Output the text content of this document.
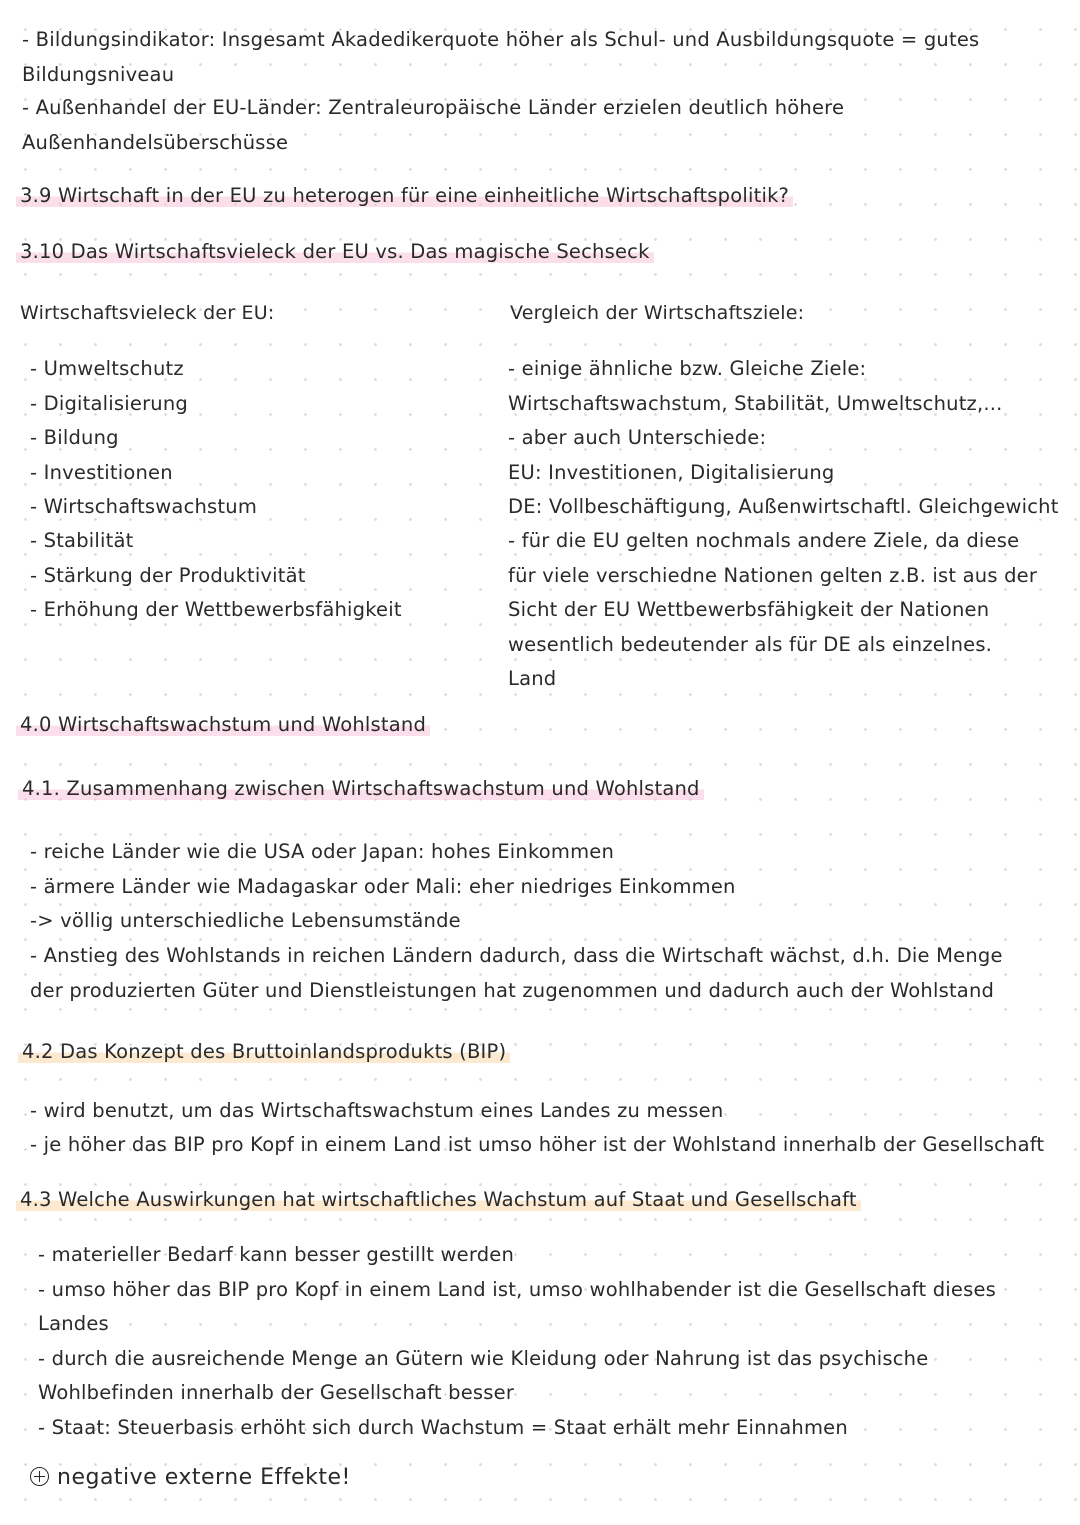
- Bildungsindikator: Insgesamt Akadedikerquote höher als Schul- und Ausbildungsquote = gutes
Bildungsniveau
- Außenhandel der EU-Länder: Zentraleuropäische Länder erzielen deutlich höhere
Außenhandelsüberschüsse
3.9 Wirtschaft in der EU zu heterogen für eine einheitliche Wirtschaftspolitik?
3.10 Das Wirtschaftsvieleck der EU vs. Das magische Sechseck
Wirtschaftsvieleck der EU:
- Umweltschutz
- Digitalisierung
- Bildung
- Investitionen
- Wirtschaftswachstum
- Stabilität
- Stärkung der Produktivität
- Erhöhung der Wettbewerbsfähigkeit
Vergleich der Wirtschaftsziele:
- einige ähnliche bzw. Gleiche Ziele:
Wirtschaftswachstum, Stabilität, Umweltschutz,...
- aber auch Unterschiede:
EU: Investitionen, Digitalisierung
DE: Vollbeschäftigung, Außenwirtschaftl. Gleichgewicht
- für die EU gelten nochmals andere Ziele, da diese
für viele verschiedne Nationen gelten z.B. ist aus der
Sicht der EU Wettbewerbsfähigkeit der Nationen
wesentlich bedeutender als für DE als einzelnes.
Land
4.0 Wirtschaftswachstum und Wohlstand
4.1. Zusammenhang zwischen Wirtschaftswachstum und Wohlstand
- reiche Länder wie die USA oder Japan: hohes Einkommen
- ärmere Länder wie Madagaskar oder Mali: eher niedriges Einkommen
-> völlig unterschiedliche Lebensumstände
- Anstieg des Wohlstands in reichen Ländern dadurch, dass die Wirtschaft wächst, d.h. Die Menge
der produzierten Güter und Dienstleistungen hat zugenommen und dadurch auch der Wohlstand
4.2 Das Konzept des Bruttoinlandsprodukts (BIP)
- wird benutzt, um das Wirtschaftswachstum eines Landes zu messen
- je höher das BIP pro Kopf in einem Land ist umso höher ist der Wohlstand innerhalb der Gesellschaft
4.3 Welche Auswirkungen hat wirtschaftliches Wachstum auf Staat und Gesellschaft
- materieller Bedarf kann besser gestillt werden
- umso höher das BIP pro Kopf in einem Land ist, umso wohlhabender ist die Gesellschaft dieses
Landes
- durch die ausreichende Menge an Gütern wie Kleidung oder Nahrung ist das psychische
Wohlbefinden innerhalb der Gesellschaft besser
- Staat: Steuerbasis erhöht sich durch Wachstum = Staat erhält mehr Einnahmen
negative externe Effekte!
